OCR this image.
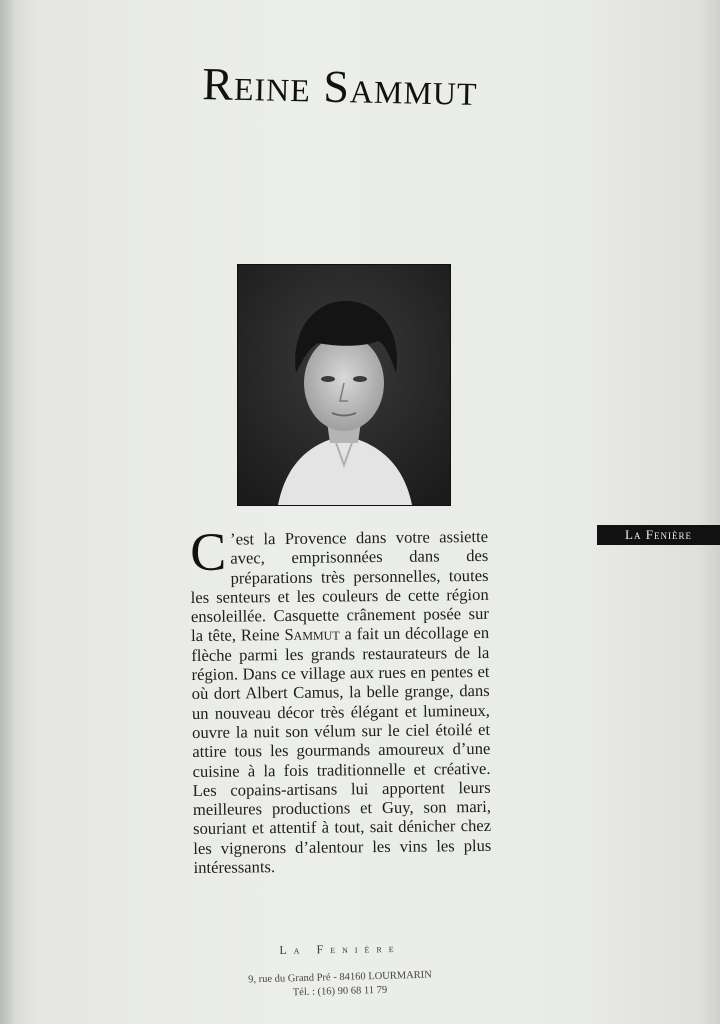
Reine Sammut
La Fenière
C ’est la Provence dans votre assiette avec, emprisonnées dans des préparations très personnelles, toutes les senteurs et les couleurs de cette région ensoleillée. Casquette crânement posée sur la tête, Reine Sammut a fait un décollage en flèche parmi les grands restaurateurs de la région. Dans ce village aux rues en pentes et où dort Albert Camus, la belle grange, dans un nouveau décor très élégant et lumineux, ouvre la nuit son vélum sur le ciel étoilé et attire tous les gourmands amoureux d’une cuisine à la fois traditionnelle et créative. Les copains-artisans lui apportent leurs meilleures productions et Guy, son mari, souriant et attentif à tout, sait dénicher chez les vignerons d’alentour les vins les plus intéressants.
La Fenière
9, rue du Grand Pré - 84160 LOURMARIN
Tél. : (16) 90 68 11 79
